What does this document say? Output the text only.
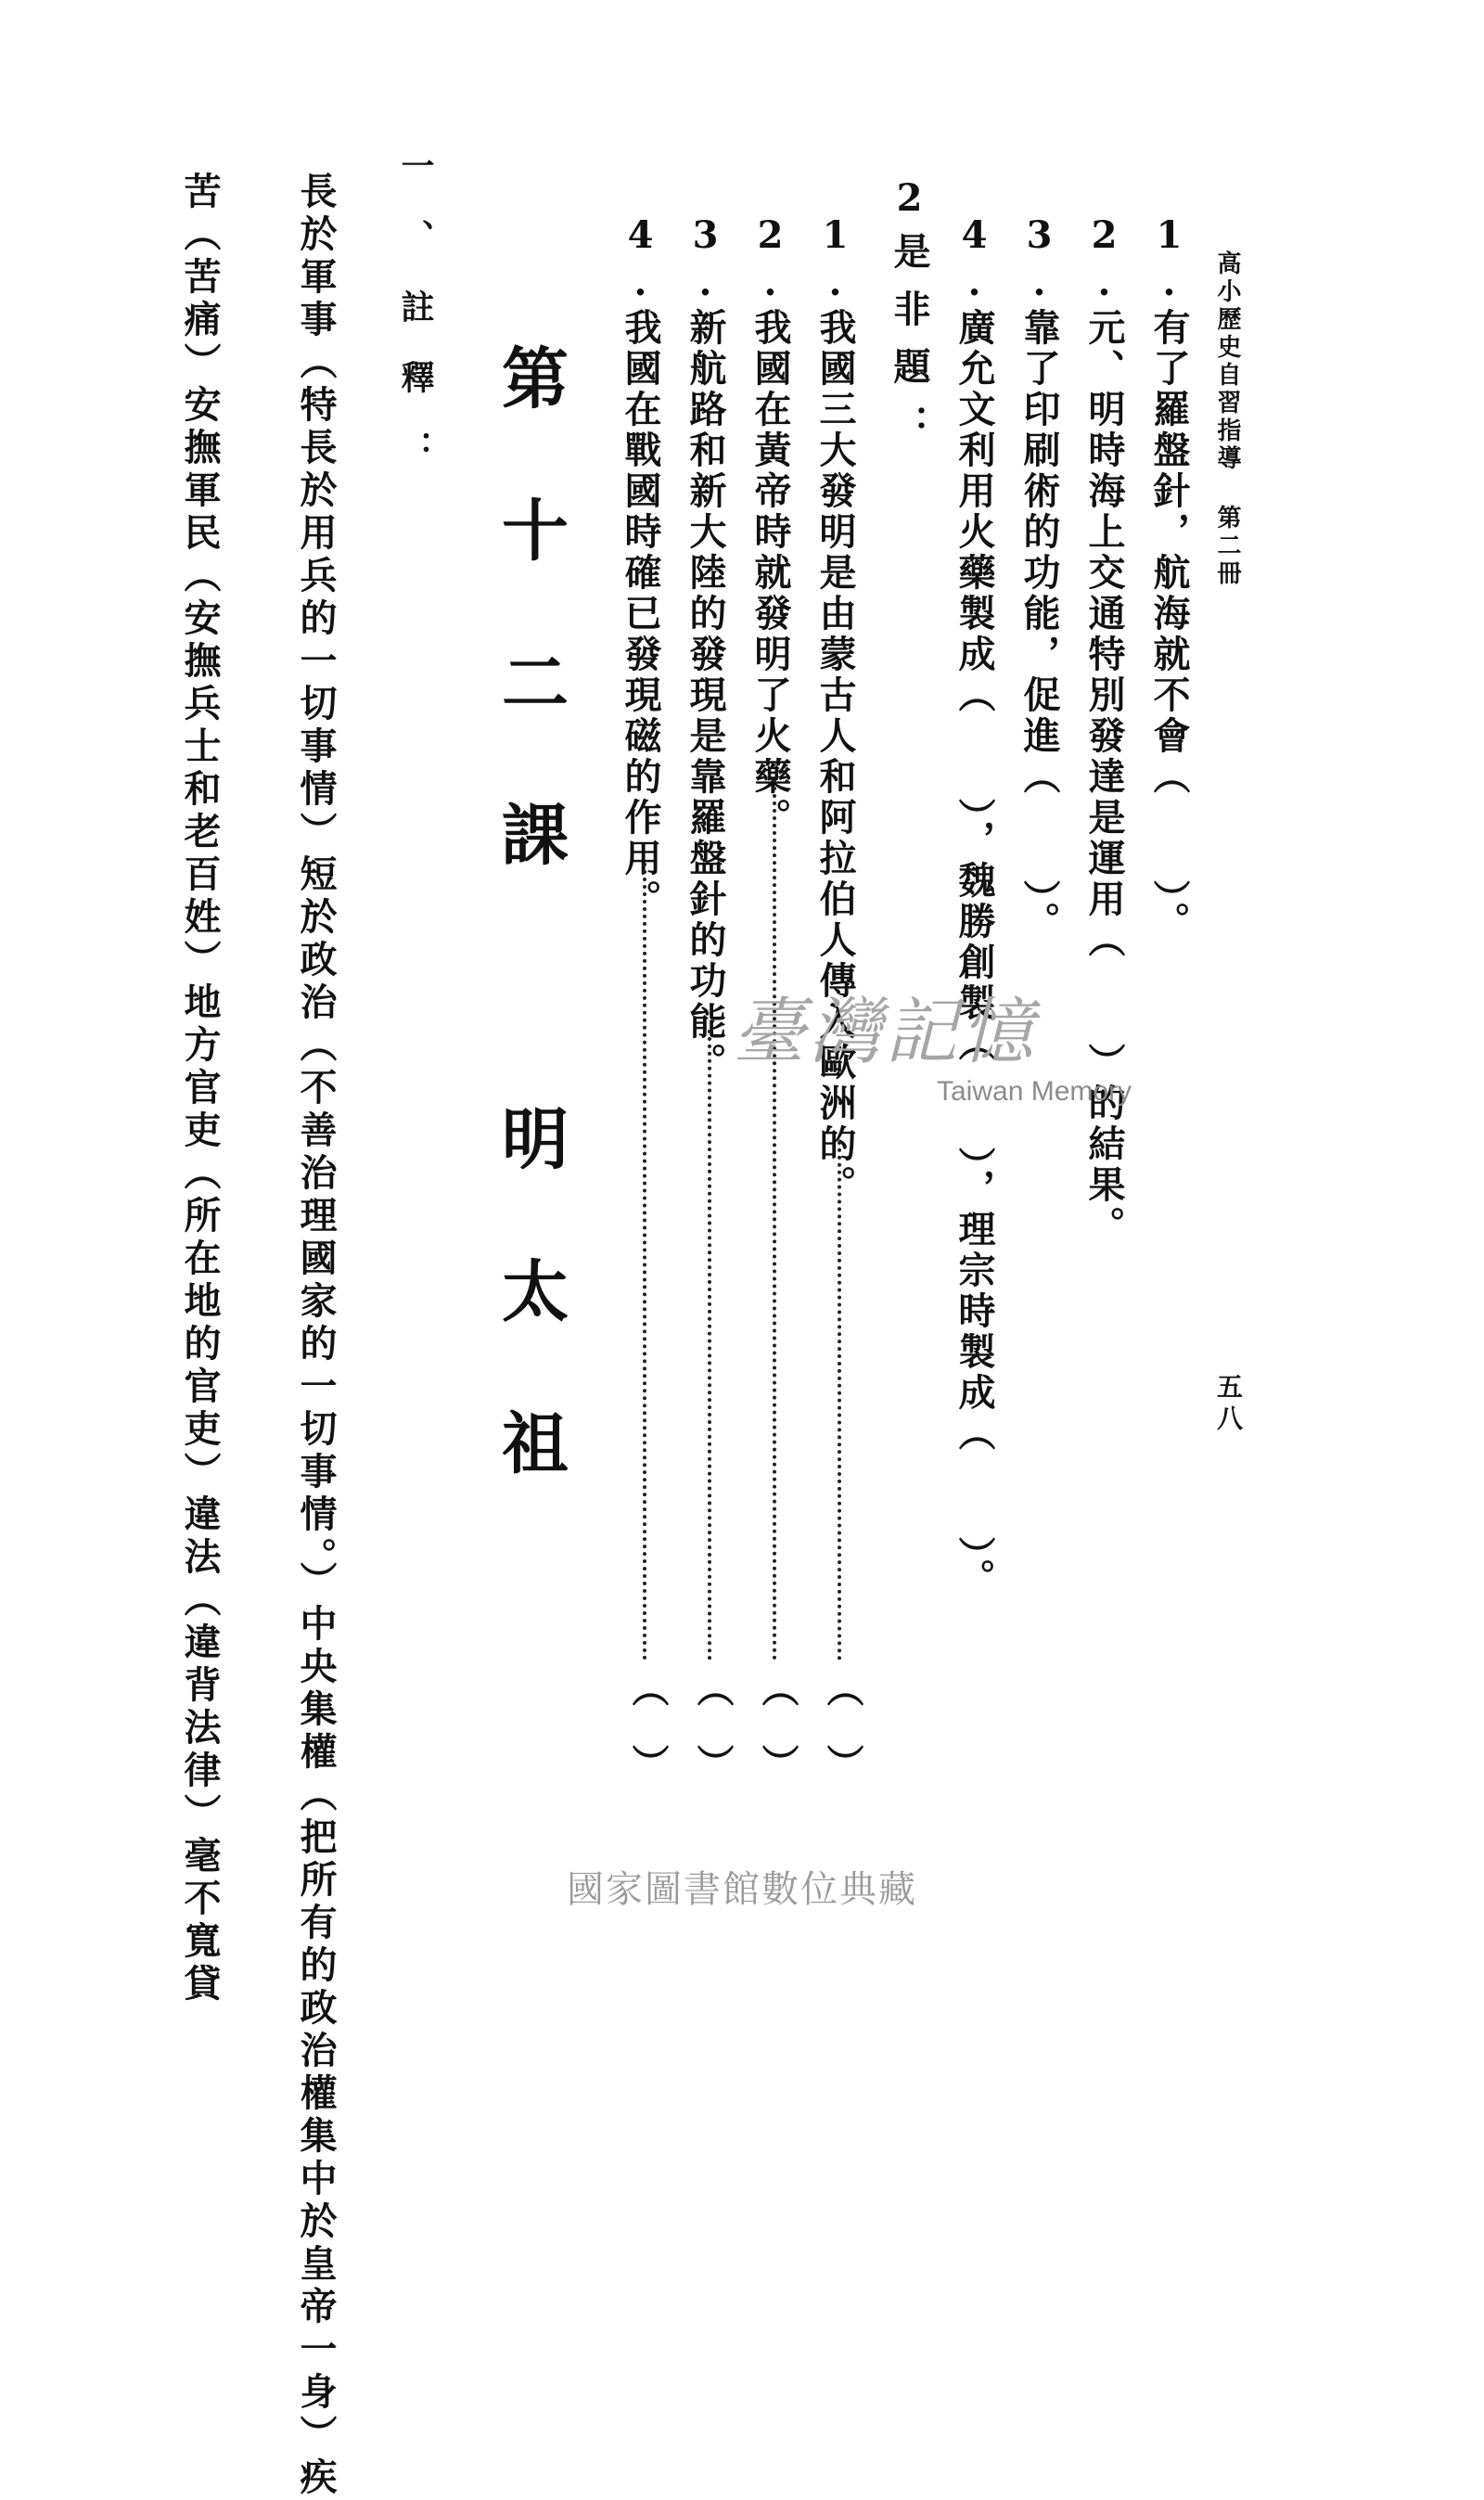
高小歷史自習指導 第二冊
五八
1.有了羅盤針，航海就不會（　　）。
2.元、明時海上交通特別發達是運用（　　）的結果。
3.靠了印刷術的功能，促進（　　）。
4.廣允文利用火藥製成（　　），魏勝創製（　　），理宗時製成（　　）。
2
是非題：
1.我國三大發明是由蒙古人和阿拉伯人傳入歐洲的。
︵
︶
2.我國在黃帝時就發明了火藥。
︵
︶
3.新航路和新大陸的發現是靠羅盤針的功能。
︵
︶
4.我國在戰國時確已發現磁的作用。
︵
︶
第十二課　明太祖
一、註釋：
長於軍事（特長於用兵的一切事情）短於政治（不善治理國家的一切事情。）中央集權（把所有的政治權集中於皇帝一身）疾
苦（苦痛）安撫軍民（安撫兵士和老百姓）地方官吏（所在地的官吏）違法（違背法律）毫不寬貸	臺灣記憶
Taiwan Memory
國家圖書館數位典藏
